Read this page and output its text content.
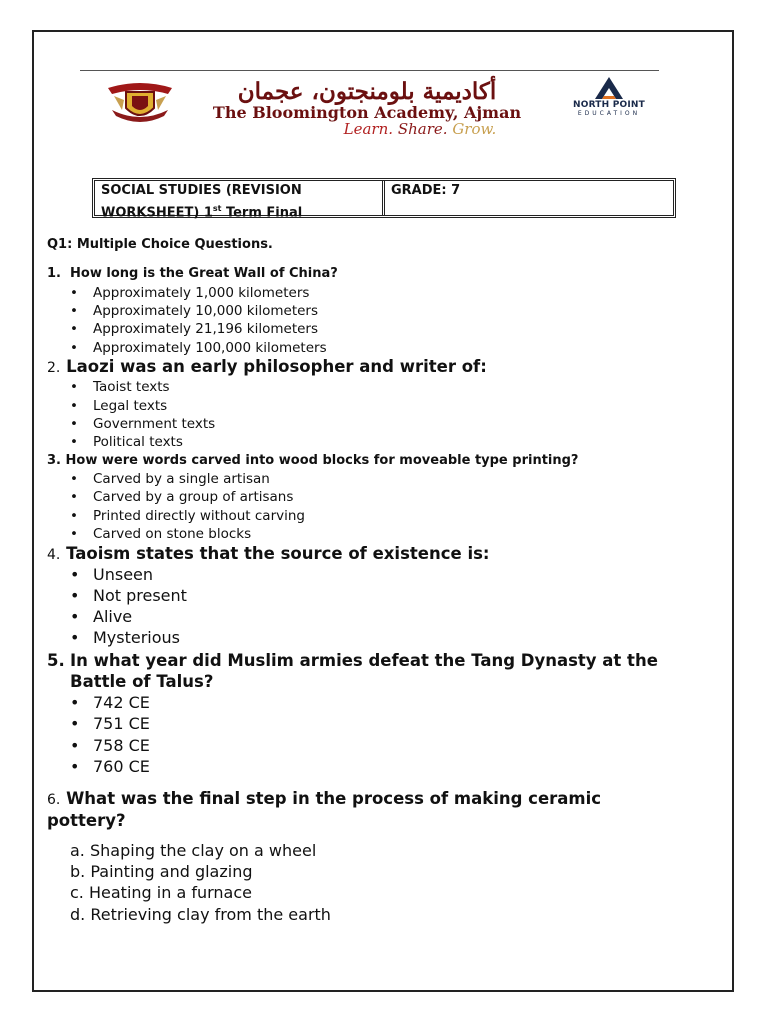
أكاديمية بلومنجتون، عجمان
The Bloomington Academy, Ajman
Learn. Share. Grow.
NORTH POINT
EDUCATION
SOCIAL STUDIES (REVISION
WORKSHEET) 1st Term Final
GRADE: 7
Q1: Multiple Choice Questions.
1. How long is the Great Wall of China?
• Approximately 1,000 kilometers
• Approximately 10,000 kilometers
• Approximately 21,196 kilometers
• Approximately 100,000 kilometers
2. Laozi was an early philosopher and writer of:
• Taoist texts
• Legal texts
• Government texts
• Political texts
3. How were words carved into wood blocks for moveable type printing?
• Carved by a single artisan
• Carved by a group of artisans
• Printed directly without carving
• Carved on stone blocks
4. Taoism states that the source of existence is:
• Unseen
• Not present
• Alive
• Mysterious
5. In what year did Muslim armies defeat the Tang Dynasty at the
Battle of Talus?
• 742 CE
• 751 CE
• 758 CE
• 760 CE
6. What was the final step in the process of making ceramic
pottery?
a. Shaping the clay on a wheel
b. Painting and glazing
c. Heating in a furnace
d. Retrieving clay from the earth
